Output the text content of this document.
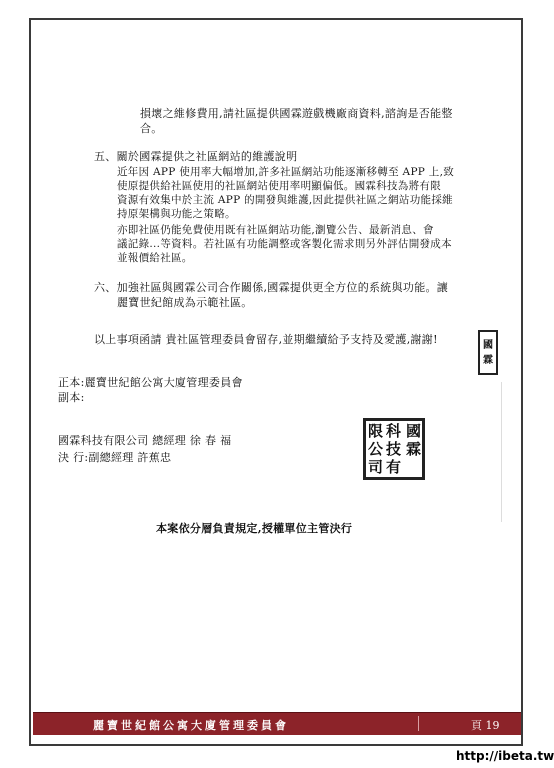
損壞之維修費用,請社區提供國霖遊戲機廠商資料,諮詢是否能整
合。
五、關於國霖提供之社區網站的維護說明
近年因 APP 使用率大幅增加,許多社區網站功能逐漸移轉至 APP 上,致
使原提供給社區使用的社區網站使用率明顯偏低。國霖科技為將有限
資源有效集中於主流 APP 的開發與維護,因此提供社區之網站功能採維
持原架構與功能之策略。
亦即社區仍能免費使用既有社區網站功能,瀏覽公告、最新消息、會
議記錄...等資料。若社區有功能調整或客製化需求則另外評估開發成本
並報價給社區。
六、加強社區與國霖公司合作關係,國霖提供更全方位的系統與功能。讓
麗寶世紀館成為示範社區。
以上事項函請 貴社區管理委員會留存,並期繼續給予支持及愛護,謝謝!
正本:麗寶世紀館公寓大廈管理委員會
副本:
國霖科技有限公司 總經理 徐 春 福
決 行:副總經理 許蕉忠
國
科
霖
技
有
限
公
司
國
霖
本案依分層負責規定,授權單位主管決行
麗寶世紀館公寓大廈管理委員會	頁 19
http://ibeta.tw
